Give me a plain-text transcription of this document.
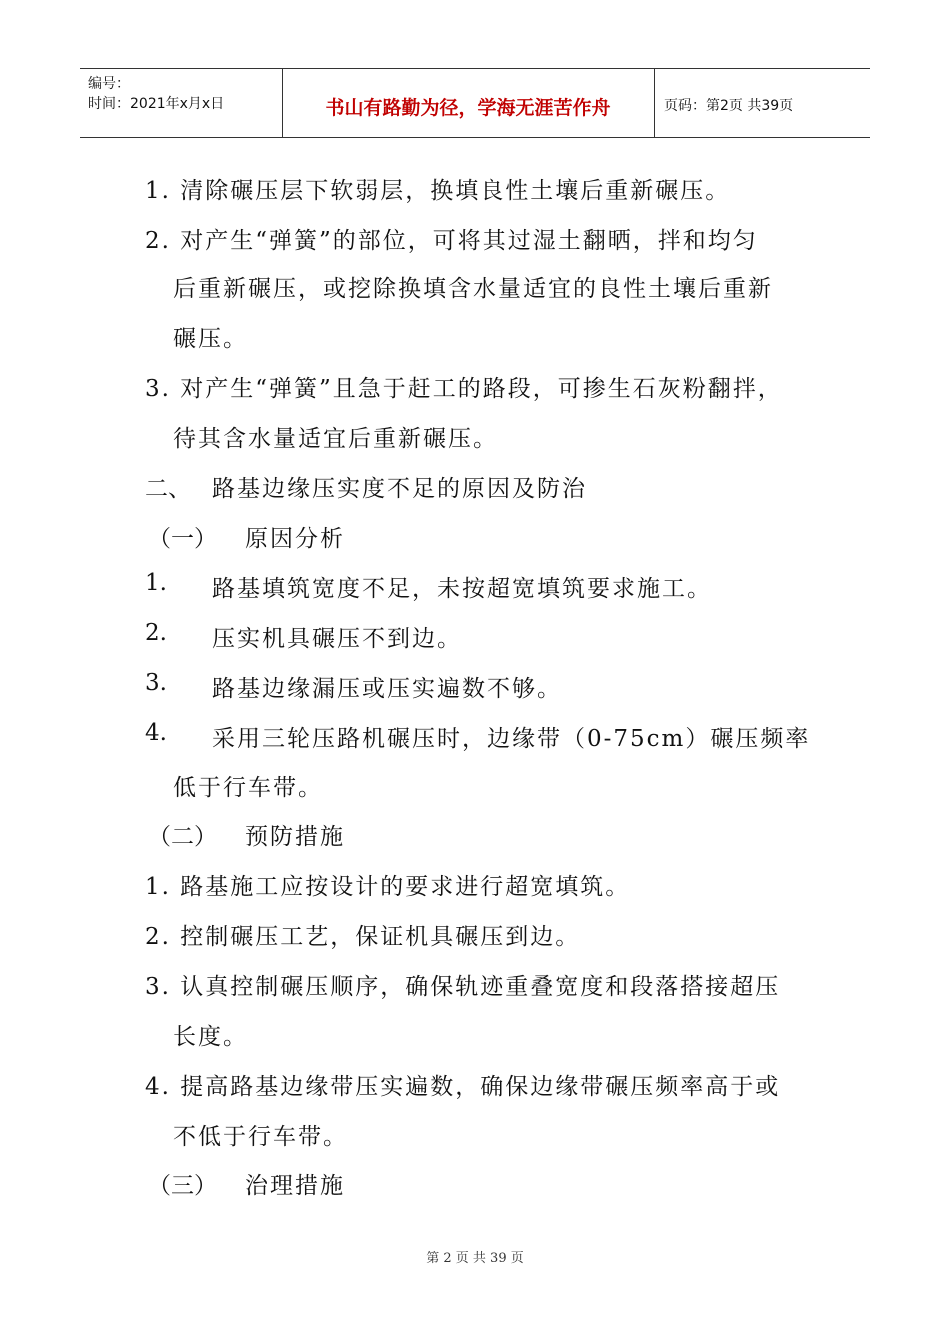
编号：
时间：2021年x月x日	书山有路勤为径，学海无涯苦作舟	页码：第2页 共39页
1. 清除碾压层下软弱层，换填良性土壤后重新碾压。
2. 对产生“弹簧”的部位，可将其过湿土翻晒，拌和均匀
后重新碾压，或挖除换填含水量适宜的良性土壤后重新
碾压。
3. 对产生“弹簧”且急于赶工的路段，可掺生石灰粉翻拌，
待其含水量适宜后重新碾压。
二、 路基边缘压实度不足的原因及防治
（一） 原因分析
1. 路基填筑宽度不足，未按超宽填筑要求施工。
2. 压实机具碾压不到边。
3. 路基边缘漏压或压实遍数不够。
4. 采用三轮压路机碾压时，边缘带（0-75cm）碾压频率
低于行车带。
（二） 预防措施
1. 路基施工应按设计的要求进行超宽填筑。
2. 控制碾压工艺，保证机具碾压到边。
3. 认真控制碾压顺序，确保轨迹重叠宽度和段落搭接超压
长度。
4. 提高路基边缘带压实遍数，确保边缘带碾压频率高于或
不低于行车带。
（三） 治理措施
第 2 页 共 39 页
